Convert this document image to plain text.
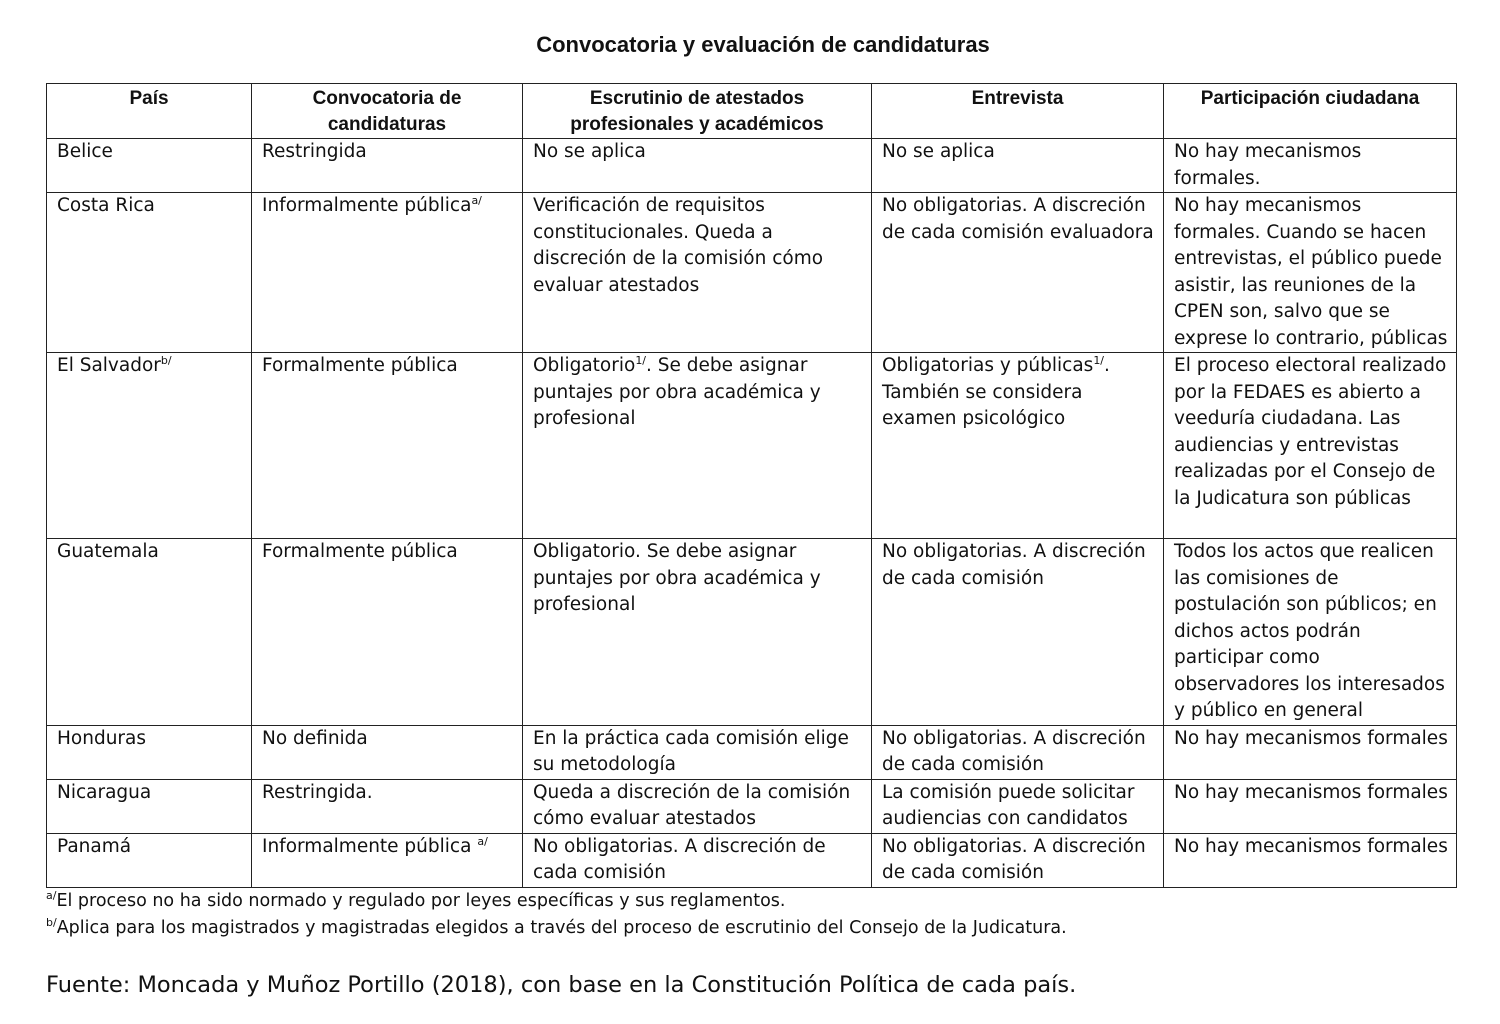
Convocatoria y evaluación de candidaturas
País	Convocatoria de candidaturas	Escrutinio de atestados profesionales y académicos	Entrevista	Participación ciudadana
Belice	Restringida	No se aplica	No se aplica	No hay mecanismos formales.
Costa Rica	Informalmente pública$^{a/}$	Verificación de requisitos constitucionales. Queda a discreción de la comisión cómo evaluar atestados	No obligatorias. A discreción de cada comisión evaluadora	No hay mecanismos formales. Cuando se hacen entrevistas, el público puede asistir, las reuniones de la CPEN son, salvo que se exprese lo contrario, públicas
El Salvador$^{b/}$	Formalmente pública	Obligatorio$^{1/}$. Se debe asignar puntajes por obra académica y profesional	Obligatorias y públicas$^{1/}$. También se considera examen psicológico	El proceso electoral realizado por la FEDAES es abierto a veeduría ciudadana. Las audiencias y entrevistas realizadas por el Consejo de la Judicatura son públicas
Guatemala	Formalmente pública	Obligatorio. Se debe asignar puntajes por obra académica y profesional	No obligatorias. A discreción de cada comisión	Todos los actos que realicen las comisiones de postulación son públicos; en dichos actos podrán participar como observadores los interesados y público en general
Honduras	No definida	En la práctica cada comisión elige su metodología	No obligatorias. A discreción de cada comisión	No hay mecanismos formales
Nicaragua	Restringida.	Queda a discreción de la comisión cómo evaluar atestados	La comisión puede solicitar audiencias con candidatos	No hay mecanismos formales
Panamá	Informalmente pública $^{a/}$	No obligatorias. A discreción de cada comisión	No obligatorias. A discreción de cada comisión	No hay mecanismos formales
$^{a/}$El proceso no ha sido normado y regulado por leyes específicas y sus reglamentos.
$^{b/}$Aplica para los magistrados y magistradas elegidos a través del proceso de escrutinio del Consejo de la Judicatura.
Fuente: Moncada y Muñoz Portillo (2018), con base en la Constitución Política de cada país.
